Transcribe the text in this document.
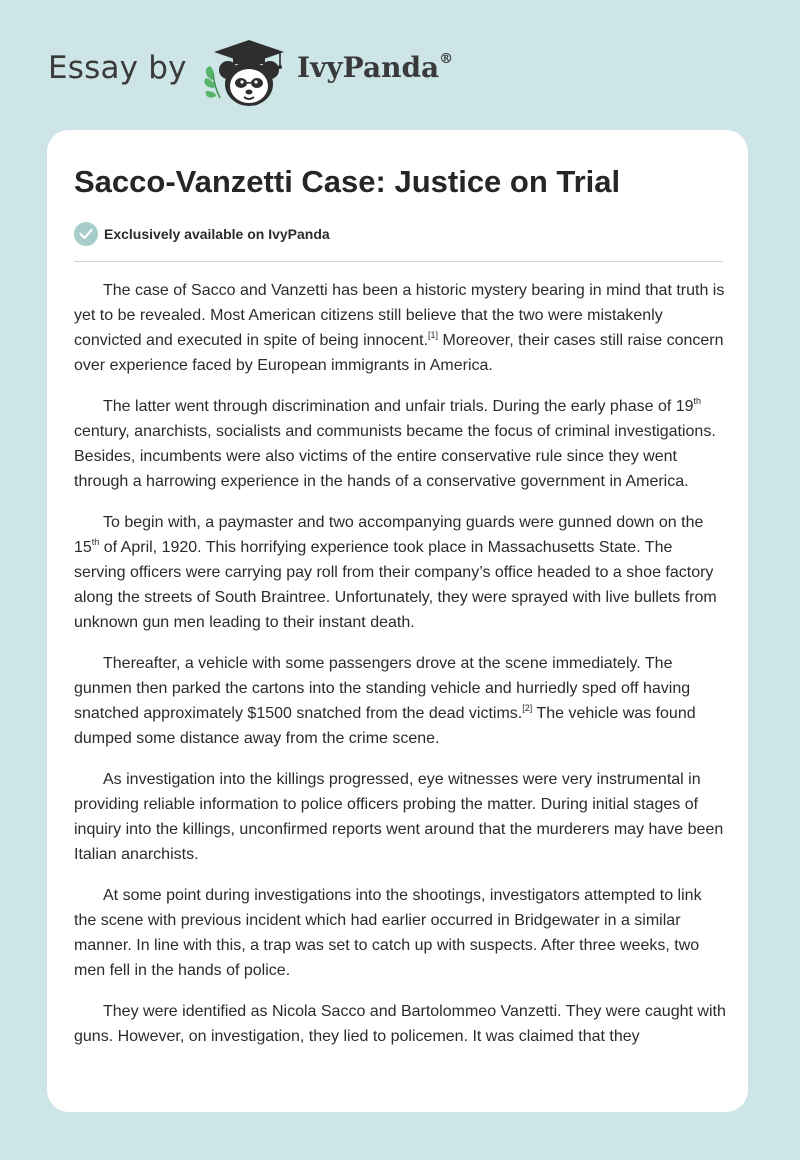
Essay by	IvyPanda®
Sacco-Vanzetti Case: Justice on Trial
Exclusively available on IvyPanda

The case of Sacco and Vanzetti has been a historic mystery bearing in mind that truth is yet to be revealed. Most American citizens still believe that the two were mistakenly convicted and executed in spite of being innocent.[1] Moreover, their cases still raise concern over experience faced by European immigrants in America.

The latter went through discrimination and unfair trials. During the early phase of 19th century, anarchists, socialists and communists became the focus of criminal investigations. Besides, incumbents were also victims of the entire conservative rule since they went through a harrowing experience in the hands of a conservative government in America.

To begin with, a paymaster and two accompanying guards were gunned down on the 15th of April, 1920. This horrifying experience took place in Massachusetts State. The serving officers were carrying pay roll from their company’s office headed to a shoe factory along the streets of South Braintree. Unfortunately, they were sprayed with live bullets from unknown gun men leading to their instant death.

Thereafter, a vehicle with some passengers drove at the scene immediately. The gunmen then parked the cartons into the standing vehicle and hurriedly sped off having snatched approximately $1500 snatched from the dead victims.[2] The vehicle was found dumped some distance away from the crime scene.

As investigation into the killings progressed, eye witnesses were very instrumental in providing reliable information to police officers probing the matter. During initial stages of inquiry into the killings, unconfirmed reports went around that the murderers may have been Italian anarchists.

At some point during investigations into the shootings, investigators attempted to link the scene with previous incident which had earlier occurred in Bridgewater in a similar manner. In line with this, a trap was set to catch up with suspects. After three weeks, two men fell in the hands of police.

They were identified as Nicola Sacco and Bartolommeo Vanzetti. They were caught with guns. However, on investigation, they lied to policemen. It was claimed that they
